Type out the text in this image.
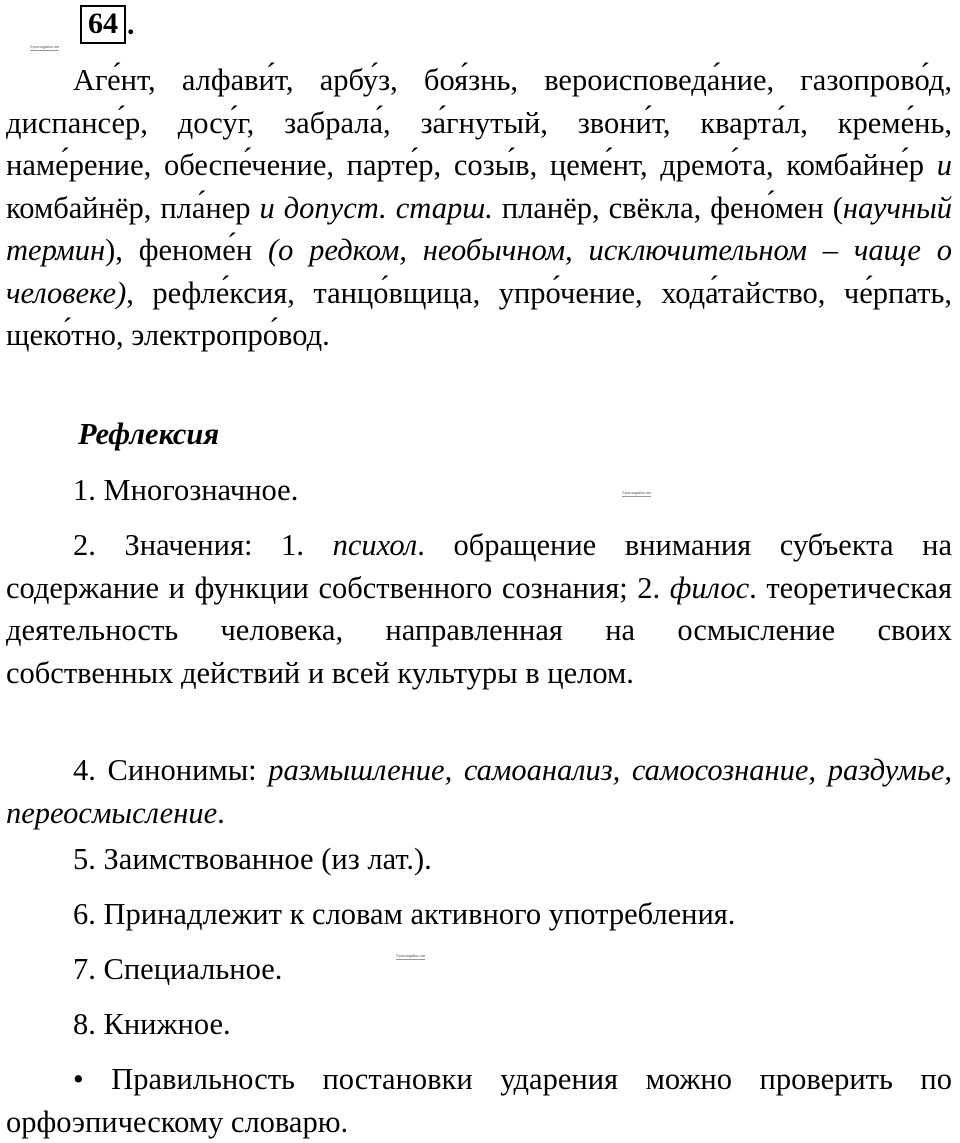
64 .
©pomogalka.me
©pomogalka.me
©pomogalka.me

Аге́нт, алфави́т, арбу́з, боя́знь, вероисповеда́ние, газопрово́д, диспансе́р, досу́г, забрала́, за́гнутый, звони́т, кварта́л, креме́нь, наме́рение, обеспе́чение, парте́р, созы́в, цеме́нт, дремо́та, комбайне́р и комбайнёр, пла́нер и допуст. старш. планёр, свёкла, фено́мен (научный термин), феноме́н (о редком, необычном, исключительном – чаще о человеке), рефле́ксия, танцо́вщица, упро́чение, хода́тайство, че́рпать, щеко́тно, электропро́вод.

Рефлексия

1. Многозначное.

2. Значения: 1. психол. обращение внимания субъекта на содержание и функции собственного сознания; 2. филос. теоретическая деятельность человека, направленная на осмысление своих собственных действий и всей культуры в целом.

4. Синонимы: размышление, самоанализ, самосознание, раздумье, переосмысление.

5. Заимствованное (из лат.).

6. Принадлежит к словам активного употребления.

7. Специальное.

8. Книжное.

• Правильность постановки ударения можно проверить по орфоэпическому словарю.
